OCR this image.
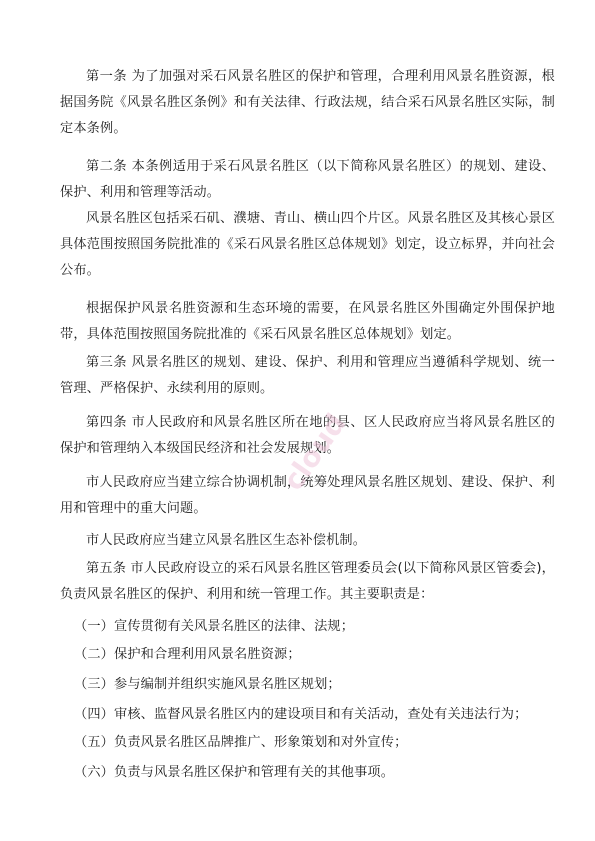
第一条 为了加强对采石风景名胜区的保护和管理，合理利用风景名胜资源，根据国务院《风景名胜区条例》和有关法律、行政法规，结合采石风景名胜区实际，制定本条例。

第二条 本条例适用于采石风景名胜区（以下简称风景名胜区）的规划、建设、保护、利用和管理等活动。

风景名胜区包括采石矶、濮塘、青山、横山四个片区。风景名胜区及其核心景区具体范围按照国务院批准的《采石风景名胜区总体规划》划定，设立标界，并向社会公布。

根据保护风景名胜资源和生态环境的需要，在风景名胜区外围确定外围保护地带，具体范围按照国务院批准的《采石风景名胜区总体规划》划定。

第三条 风景名胜区的规划、建设、保护、利用和管理应当遵循科学规划、统一管理、严格保护、永续利用的原则。

第四条 市人民政府和风景名胜区所在地的县、区人民政府应当将风景名胜区的保护和管理纳入本级国民经济和社会发展规划。

市人民政府应当建立综合协调机制，统筹处理风景名胜区规划、建设、保护、利用和管理中的重大问题。

市人民政府应当建立风景名胜区生态补偿机制。

第五条 市人民政府设立的采石风景名胜区管理委员会(以下简称风景区管委会)，负责风景名胜区的保护、利用和统一管理工作。其主要职责是：

（一）宣传贯彻有关风景名胜区的法律、法规；

（二）保护和合理利用风景名胜资源；

（三）参与编制并组织实施风景名胜区规划；

（四）审核、监督风景名胜区内的建设项目和有关活动，查处有关违法行为；

（五）负责风景名胜区品牌推广、形象策划和对外宣传；

（六）负责与风景名胜区保护和管理有关的其他事项。

cloud
